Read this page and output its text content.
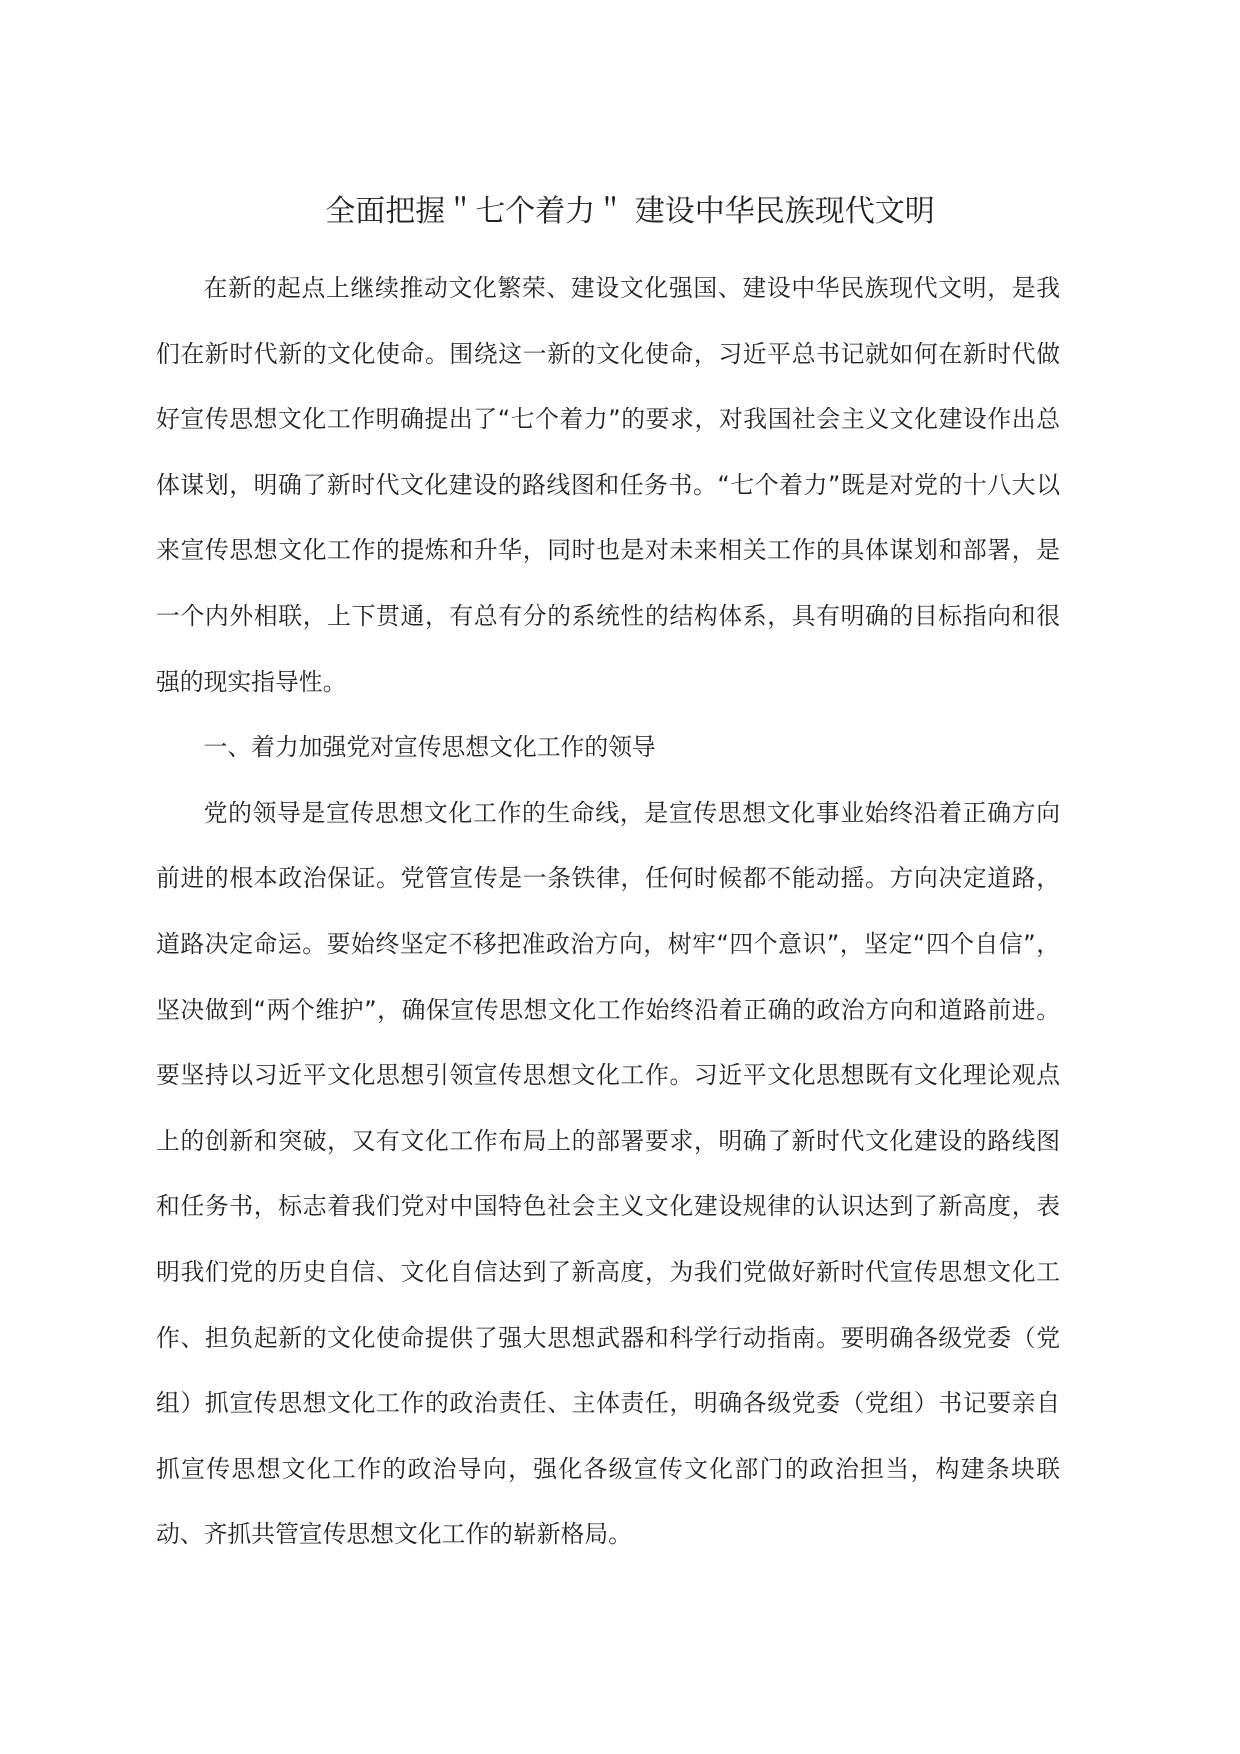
全面把握＂七个着力＂ 建设中华民族现代文明

在新的起点上继续推动文化繁荣、建设文化强国、建设中华民族现代文明，是我们在新时代新的文化使命。围绕这一新的文化使命，习近平总书记就如何在新时代做好宣传思想文化工作明确提出了“七个着力”的要求，对我国社会主义文化建设作出总体谋划，明确了新时代文化建设的路线图和任务书。“七个着力”既是对党的十八大以来宣传思想文化工作的提炼和升华，同时也是对未来相关工作的具体谋划和部署，是一个内外相联，上下贯通，有总有分的系统性的结构体系，具有明确的目标指向和很强的现实指导性。

一、着力加强党对宣传思想文化工作的领导

党的领导是宣传思想文化工作的生命线，是宣传思想文化事业始终沿着正确方向前进的根本政治保证。党管宣传是一条铁律，任何时候都不能动摇。方向决定道路，道路决定命运。要始终坚定不移把准政治方向，树牢“四个意识”，坚定“四个自信”，坚决做到“两个维护”，确保宣传思想文化工作始终沿着正确的政治方向和道路前进。要坚持以习近平文化思想引领宣传思想文化工作。习近平文化思想既有文化理论观点上的创新和突破，又有文化工作布局上的部署要求，明确了新时代文化建设的路线图和任务书，标志着我们党对中国特色社会主义文化建设规律的认识达到了新高度，表明我们党的历史自信、文化自信达到了新高度，为我们党做好新时代宣传思想文化工作、担负起新的文化使命提供了强大思想武器和科学行动指南。要明确各级党委（党组）抓宣传思想文化工作的政治责任、主体责任，明确各级党委（党组）书记要亲自抓宣传思想文化工作的政治导向，强化各级宣传文化部门的政治担当，构建条块联动、齐抓共管宣传思想文化工作的崭新格局。
